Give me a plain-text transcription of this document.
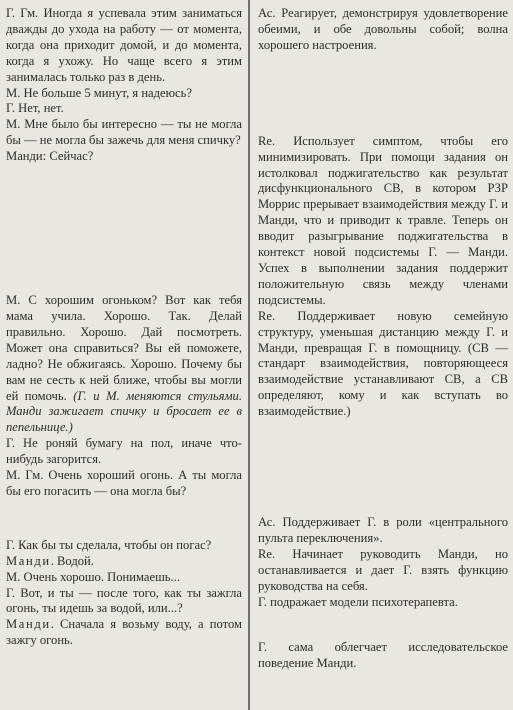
Г. Гм. Иногда я успевала этим заниматься дважды до ухода на работу — от момента, когда она приходит домой, и до момента, когда я ухожу. Но чаще всего я этим занималась только раз в день.

М. Не больше 5 минут, я надеюсь?

Г. Нет, нет.

М. Мне было бы интересно — ты не могла бы — не могла бы зажечь для меня спичку?

Манди: Сейчас?

М. С хорошим огоньком? Вот как тебя мама учила. Хорошо. Так. Делай правильно. Хорошо. Дай посмотреть. Может она справиться? Вы ей поможете, ладно? Не обжигаясь. Хорошо. Почему бы вам не сесть к ней ближе, чтобы вы могли ей помочь. (Г. и М. меняются стульями. Манди зажигает спичку и бросает ее в пепельнице.)

Г. Не роняй бумагу на пол, иначе что-нибудь загорится.

М. Гм. Очень хороший огонь. А ты могла бы его погасить — она могла бы?

Г. Как бы ты сделала, чтобы он погас?

Манди. Водой.

М. Очень хорошо. Понимаешь...

Г. Вот, и ты — после того, как ты зажгла огонь, ты идешь за водой, или...?

Манди. Сначала я возьму воду, а потом зажгу огонь.

Ас. Реагирует, демонстрируя удовлетворение обеими, и обе довольны собой; волна хорошего настроения.

Re. Использует симптом, чтобы его минимизировать. При помощи задания он истолковал поджигательство как результат дисфункционального СВ, в котором РЗР Моррис прерывает взаимодействия между Г. и Манди, что и приводит к травле. Теперь он вводит разыгрывание поджигательства в контекст новой подсистемы Г. — Манди. Успех в выполнении задания поддержит положительную связь между членами подсистемы.

Re. Поддерживает новую семейную структуру, уменьшая дистанцию между Г. и Манди, превращая Г. в помощницу. (СВ — стандарт взаимодействия, повторяющееся взаимодействие устанавливают СВ, а СВ определяют, кому и как вступать во взаимодействие.)

Ас. Поддерживает Г. в роли «центрального пульта переключения».

Re. Начинает руководить Манди, но останавливается и дает Г. взять функцию руководства на себя.

Г. подражает модели психотерапевта.

Г. сама облегчает исследовательское поведение Манди.
